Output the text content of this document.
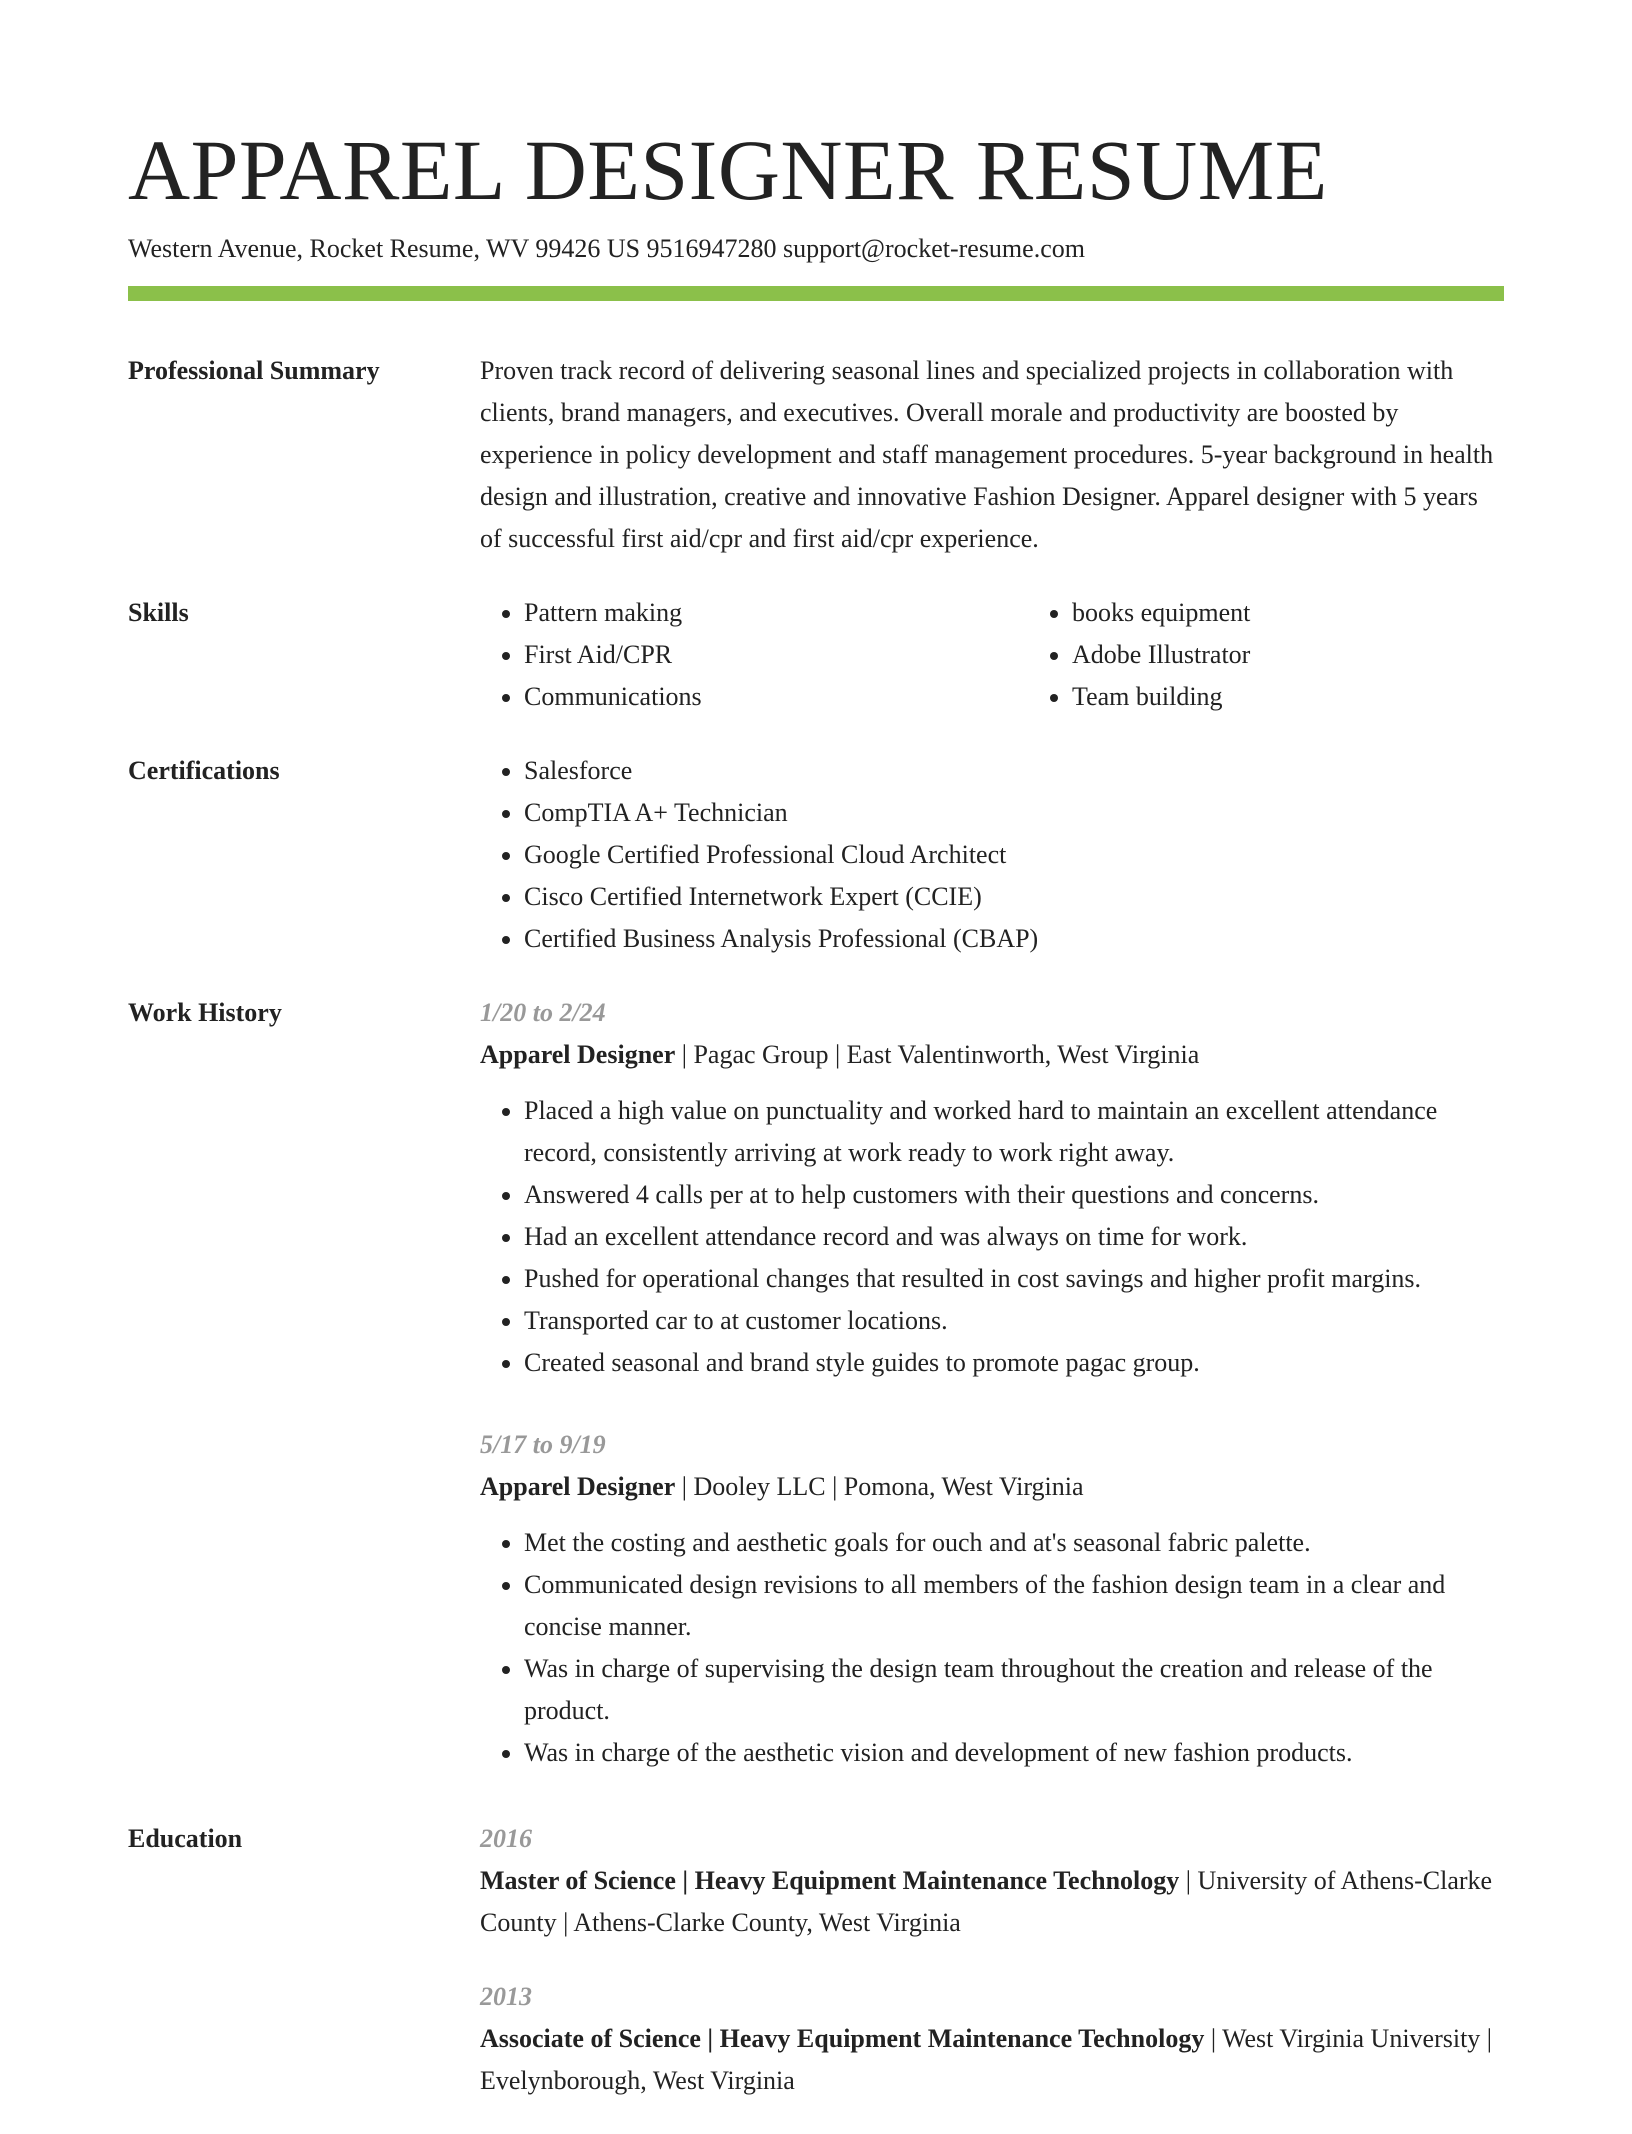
APPAREL DESIGNER RESUME
Western Avenue, Rocket Resume, WV 99426 US 9516947280 support@rocket-resume.com
Professional Summary	Proven track record of delivering seasonal lines and specialized projects in collaboration with clients, brand managers, and executives. Overall morale and productivity are boosted by experience in policy development and staff management procedures. 5-year background in health design and illustration, creative and innovative Fashion Designer. Apparel designer with 5 years of successful first aid/cpr and first aid/cpr experience.

Skills	• Pattern making
• First Aid/CPR
• Communications
• books equipment
• Adobe Illustrator
• Team building
Certifications	• Salesforce
• CompTIA A+ Technician
• Google Certified Professional Cloud Architect
• Cisco Certified Internetwork Expert (CCIE)
• Certified Business Analysis Professional (CBAP)
Work History	1/20 to 2/24
Apparel Designer | Pagac Group | East Valentinworth, West Virginia
• Placed a high value on punctuality and worked hard to maintain an excellent attendance record, consistently arriving at work ready to work right away.
• Answered 4 calls per at to help customers with their questions and concerns.
• Had an excellent attendance record and was always on time for work.
• Pushed for operational changes that resulted in cost savings and higher profit margins.
• Transported car to at customer locations.
• Created seasonal and brand style guides to promote pagac group.
5/17 to 9/19
Apparel Designer | Dooley LLC | Pomona, West Virginia
• Met the costing and aesthetic goals for ouch and at's seasonal fabric palette.
• Communicated design revisions to all members of the fashion design team in a clear and concise manner.
• Was in charge of supervising the design team throughout the creation and release of the product.
• Was in charge of the aesthetic vision and development of new fashion products.
Education	2016
Master of Science | Heavy Equipment Maintenance Technology | University of Athens-Clarke County | Athens-Clarke County, West Virginia
2013
Associate of Science | Heavy Equipment Maintenance Technology | West Virginia University | Evelynborough, West Virginia
